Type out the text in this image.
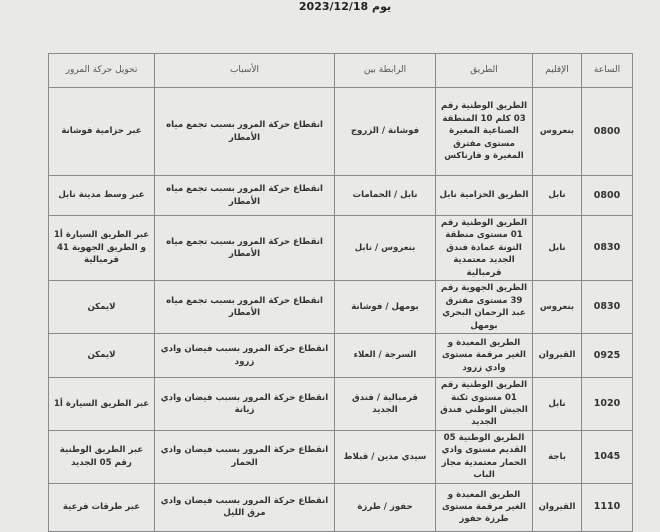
يوم 2023/12/18
الساعة	الإقليم	الطريق	الرابطة بين	الأسباب	تحويل حركة المرور
0800	بنعروس	الطريق الوطنية رقم 03 كلم 10 المنطقة الصناعية المغيرة مستوى مفترق المغيرة و فارناكس	فوشانة / الزروج	انقطاع حركة المرور بسبب تجمع مياه الأمطار	عبر حزامية فوشانة
0800	نابل	الطريق الحزامية نابل	نابل / الحمامات	انقطاع حركة المرور بسبب تجمع مياه الأمطار	عبر وسط مدينة نابل
0830	نابل	الطريق الوطنية رقم 01 مستوى منطقة التونة عمادة فندق الجديد معتمدية قرمبالية	بنعروس / نابل	انقطاع حركة المرور بسبب تجمع مياه الأمطار	عبر الطريق السيارة أ1 و الطريق الجهوية 41 قرمبالية
0830	بنعروس	الطريق الجهوية رقم 39 مستوى مفترق عبد الرحمان البحري بومهل	بومهل / فوشانة	انقطاع حركة المرور بسبب تجمع مياه الأمطار	لايمكن
0925	القيروان	الطريق المعبدة و الغير مرقمة مستوى وادي زرود	السرجة / العلاء	انقطاع حركة المرور بسبب فيضان وادي زرود	لايمكن
1020	نابل	الطريق الوطنية رقم 01 مستوى ثكنة الجيش الوطني فندق الجديد	قرمبالية / فندق الجديد	انقطاع حركة المرور بسبب فيضان وادي زيانة	عبر الطريق السيارة أ1
1045	باجة	الطريق الوطنية 05 القديم مستوى وادي الحمار معتمدية مجاز الباب	سيدي مدين / قبلاط	انقطاع حركة المرور بسبب فيضان وادي الحمار	عبر الطريق الوطنية رقم 05 الجديد
1110	القيروان	الطريق المعبدة و الغير مرقمة مستوى طرزة حفوز	حفوز / طرزة	انقطاع حركة المرور بسبب فيضان وادي مرق الليل	عبر طرقات فرعية
